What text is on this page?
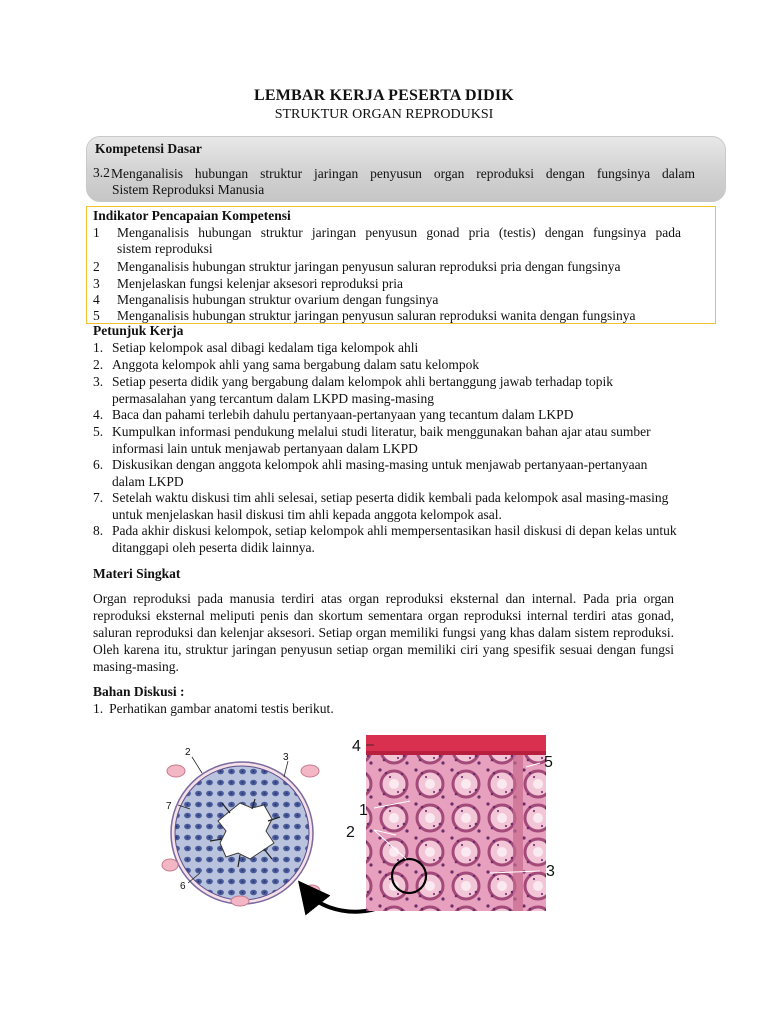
LEMBAR KERJA PESERTA DIDIK
STRUKTUR ORGAN REPRODUKSI
Kompetensi Dasar
3.2 Menganalisis hubungan struktur jaringan penyusun organ reproduksi dengan fungsinya dalam
Sistem Reproduksi Manusia
Indikator Pencapaian Kompetensi
1 Menganalisis hubungan struktur jaringan penyusun gonad pria (testis) dengan fungsinya pada
sistem reproduksi
2 Menganalisis hubungan struktur jaringan penyusun saluran reproduksi pria dengan fungsinya
3 Menjelaskan fungsi kelenjar aksesori reproduksi pria
4 Menganalisis hubungan struktur ovarium dengan fungsinya
5 Menganalisis hubungan struktur jaringan penyusun saluran reproduksi wanita dengan fungsinya
Petunjuk Kerja
1. Setiap kelompok asal dibagi kedalam tiga kelompok ahli
2. Anggota kelompok ahli yang sama bergabung dalam satu kelompok
3. Setiap peserta didik yang bergabung dalam kelompok ahli bertanggung jawab terhadap topik permasalahan yang tercantum dalam LKPD masing-masing
4. Baca dan pahami terlebih dahulu pertanyaan-pertanyaan yang tecantum dalam LKPD
5. Kumpulkan informasi pendukung melalui studi literatur, baik menggunakan bahan ajar atau sumber informasi lain untuk menjawab pertanyaan dalam LKPD
6. Diskusikan dengan anggota kelompok ahli masing-masing untuk menjawab pertanyaan-pertanyaan dalam LKPD
7. Setelah waktu diskusi tim ahli selesai, setiap peserta didik kembali pada kelompok asal masing-masing untuk menjelaskan hasil diskusi tim ahli kepada anggota kelompok asal.
8. Pada akhir diskusi kelompok, setiap kelompok ahli mempersentasikan hasil diskusi di depan kelas untuk ditanggapi oleh peserta didik lainnya.
Materi Singkat
Organ reproduksi pada manusia terdiri atas organ reproduksi eksternal dan internal. Pada pria organ reproduksi eksternal meliputi penis dan skortum sementara organ reproduksi internal terdiri atas gonad, saluran reproduksi dan kelenjar aksesori. Setiap organ memiliki fungsi yang khas dalam sistem reproduksi. Oleh karena itu, struktur jaringan penyusun setiap organ memiliki ciri yang spesifik sesuai dengan fungsi masing-masing.
Bahan Diskusi :
1. Perhatikan gambar anatomi testis berikut.
2	3
7
6
4
5
1
2
3
